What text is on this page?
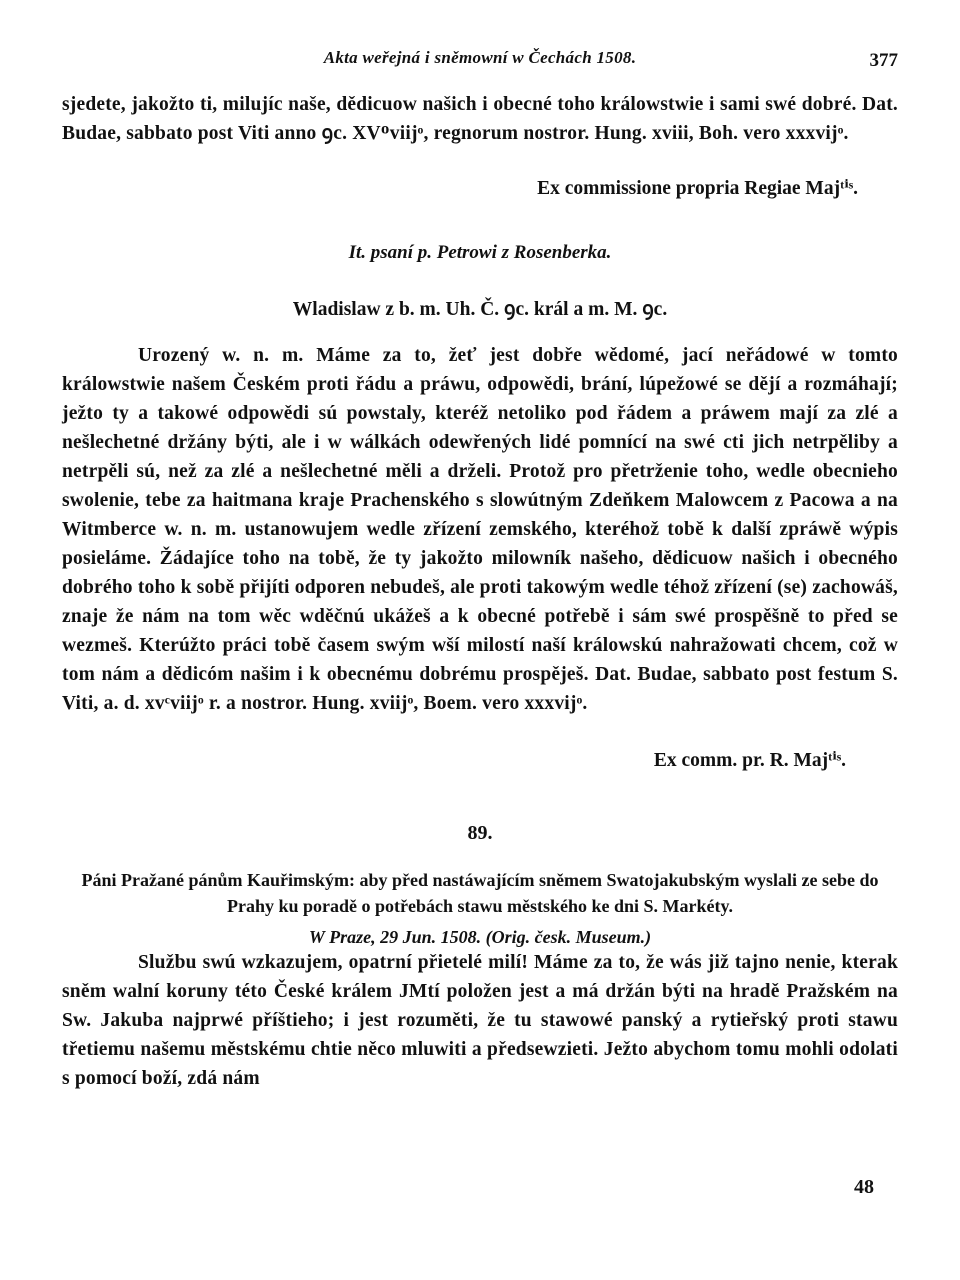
Akta weřejná i sněmowní w Čechách 1508.	377

sjedete, jakožto ti, milujíc naše, dědicuow našich i obecné toho králowstwie i sami swé dobré. Dat. Budae, sabbato post Viti anno ꝯc. XVᴼviijᵒ, regnorum nostror. Hung. xviii, Boh. vero xxxvijᵒ.

Ex commissione propria Regiae Majᵗⁱˢ.

It. psaní p. Petrowi z Rosenberka.

Wladislaw z b. m. Uh. Č. ꝯc. král a m. M. ꝯc.

Urozený w. n. m. Máme za to, žeť jest dobře wědomé, jací neřádowé w tomto králowstwie našem Českém proti řádu a práwu, odpowědi, brání, lúpežowé se dějí a rozmáhají; ježto ty a takowé odpowědi sú powstaly, kteréž netoliko pod řádem a práwem mají za zlé a nešlechetné držány býti, ale i w wálkách odewřených lidé pomnící na swé cti jich netrpěliby a netrpěli sú, než za zlé a nešlechetné měli a drželi. Protož pro přetrženie toho, wedle obecnieho swolenie, tebe za haitmana kraje Prachenského s slowútným Zdeňkem Malowcem z Pacowa a na Witmberce w. n. m. ustanowujem wedle zřízení zemského, kteréhož tobě k další zpráwě wýpis posieláme. Žádajíce toho na tobě, že ty jakožto milowník našeho, dědicuow našich i obecného dobrého toho k sobě přijíti odporen nebudeš, ale proti takowým wedle téhož zřízení (se) zachowáš, znaje že nám na tom wěc wděčnú ukážeš a k obecné potřebě i sám swé prospěšně to před se wezmeš. Kterúžto práci tobě časem swým wší milostí naší králowskú nahražowati chcem, což w tom nám a dědicóm našim i k obecnému dobrému prospěješ. Dat. Budae, sabbato post festum S. Viti, a. d. xvᶜviijᵒ r. a nostror. Hung. xviijᵒ, Boem. vero xxxvijᵒ.

Ex comm. pr. R. Majᵗⁱˢ.

89.

Páni Pražané pánům Kauřimským: aby před nastáwajícím sněmem Swatojakubským wyslali ze sebe do Prahy ku poradě o potřebách stawu městského ke dni S. Markéty.

W Praze, 29 Jun. 1508. (Orig. česk. Museum.)

Službu swú wzkazujem, opatrní přietelé milí! Máme za to, že wás již tajno nenie, kterak sněm walní koruny této České králem JMtí položen jest a má držán býti na hradě Pražském na Sw. Jakuba najprwé příštieho; i jest rozuměti, že tu stawowé panský a rytieřský proti stawu třetiemu našemu městskému chtie něco mluwiti a předsewzieti. Ježto abychom tomu mohli odolati s pomocí boží, zdá nám

48
